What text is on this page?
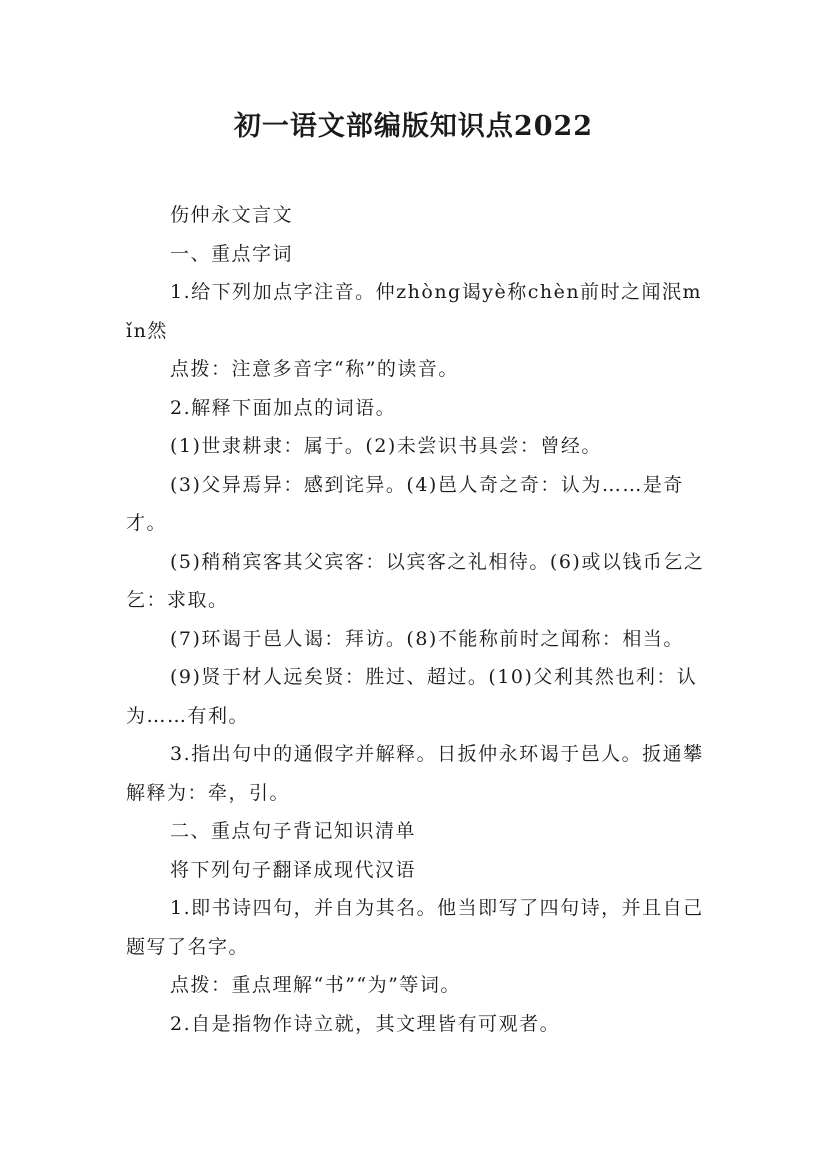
初一语文部编版知识点2022

伤仲永文言文

一、重点字词

1.给下列加点字注音。仲zhòng谒yè称chèn前时之闻泯mǐn然

点拨：注意多音字“称”的读音。

2.解释下面加点的词语。

(1)世隶耕隶：属于。(2)未尝识书具尝：曾经。

(3)父异焉异：感到诧异。(4)邑人奇之奇：认为……是奇才。

(5)稍稍宾客其父宾客：以宾客之礼相待。(6)或以钱币乞之乞：求取。

(7)环谒于邑人谒：拜访。(8)不能称前时之闻称：相当。

(9)贤于材人远矣贤：胜过、超过。(10)父利其然也利：认为……有利。

3.指出句中的通假字并解释。日扳仲永环谒于邑人。扳通攀解释为：牵，引。

二、重点句子背记知识清单

将下列句子翻译成现代汉语

1.即书诗四句，并自为其名。他当即写了四句诗，并且自己题写了名字。

点拨：重点理解“书”“为”等词。

2.自是指物作诗立就，其文理皆有可观者。
